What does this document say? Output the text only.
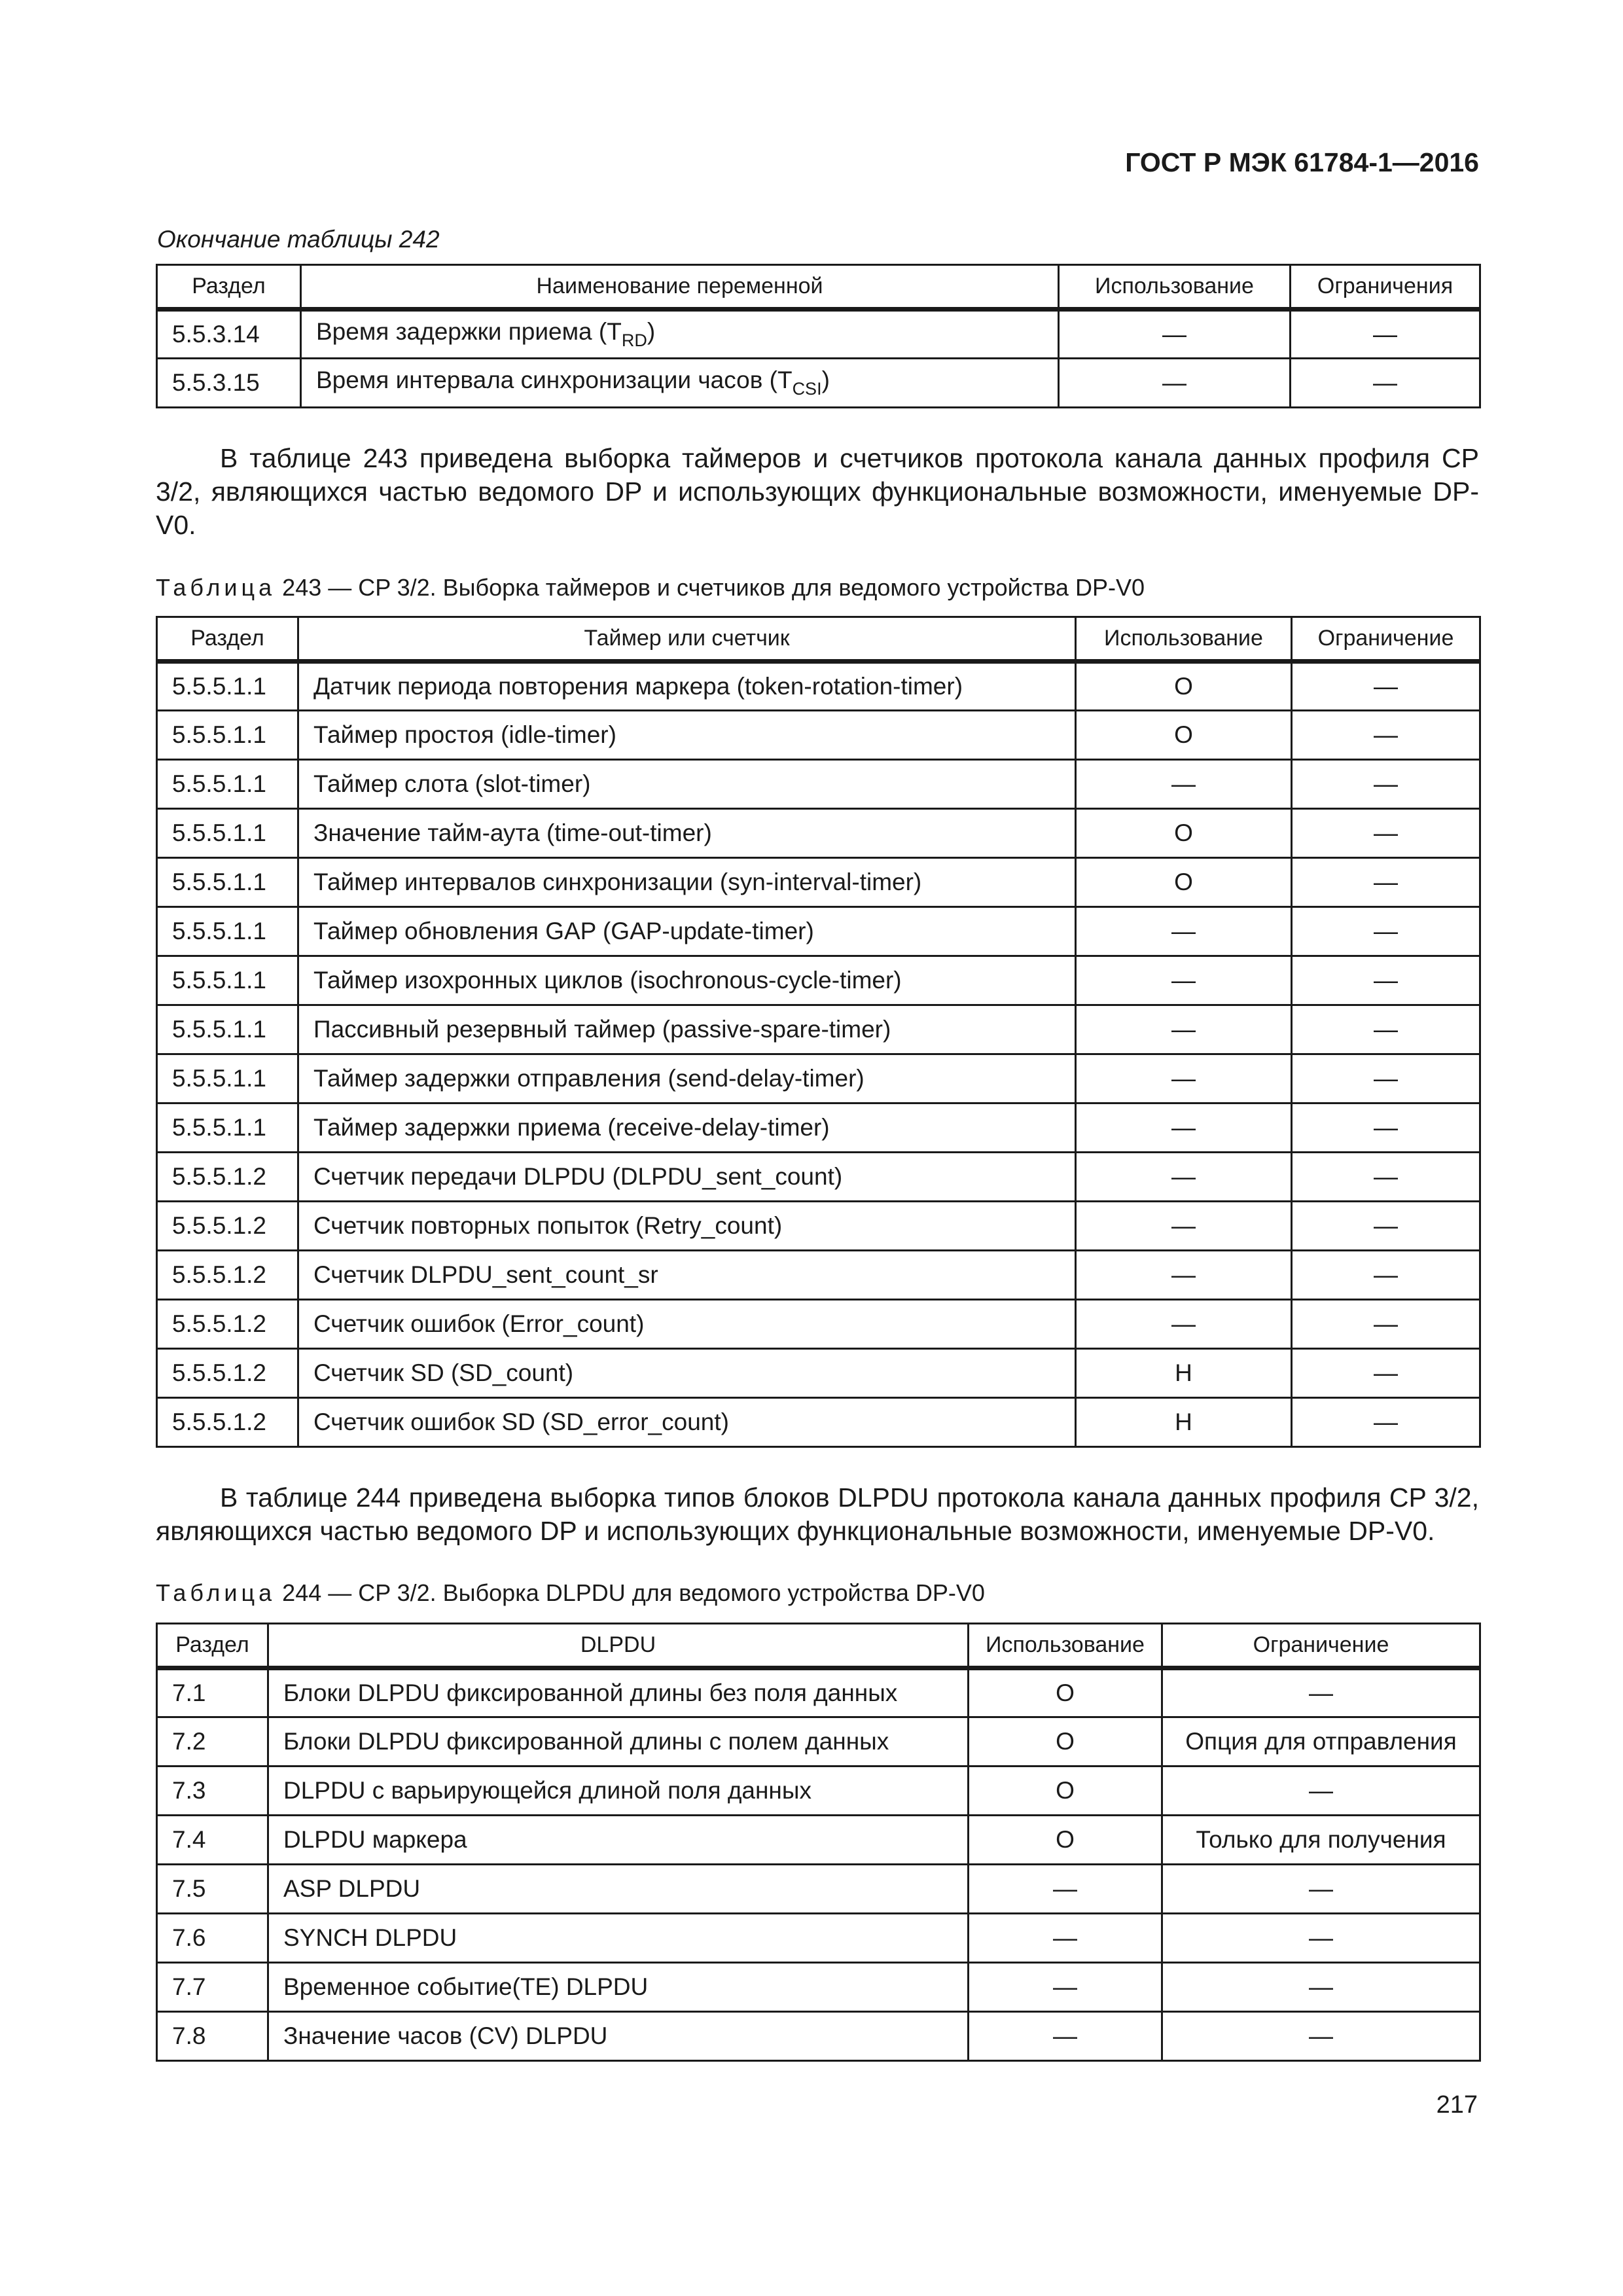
ГОСТ Р МЭК 61784-1—2016
Окончание таблицы 242
Раздел	Наименование переменной	Использование	Ограничения
5.5.3.14	Время задержки приема $(T_{RD})$	—	—
5.5.3.15	Время интервала синхронизации часов $(T_{CSI})$	—	—

В таблице 243 приведена выборка таймеров и счетчиков протокола канала данных профиля CP 3/2, являющихся частью ведомого DP и использующих функциональные возможности, именуемые DP-V0.

Таблица 243 — CP 3/2. Выборка таймеров и счетчиков для ведомого устройства DP-V0
Раздел	Таймер или счетчик	Использование	Ограничение
5.5.5.1.1	Датчик периода повторения маркера (token-rotation-timer)	O	—
5.5.5.1.1	Таймер простоя (idle-timer)	O	—
5.5.5.1.1	Таймер слота (slot-timer)	—	—
5.5.5.1.1	Значение тайм-аута (time-out-timer)	O	—
5.5.5.1.1	Таймер интервалов синхронизации (syn-interval-timer)	O	—
5.5.5.1.1	Таймер обновления GAP (GAP-update-timer)	—	—
5.5.5.1.1	Таймер изохронных циклов (isochronous-cycle-timer)	—	—
5.5.5.1.1	Пассивный резервный таймер (passive-spare-timer)	—	—
5.5.5.1.1	Таймер задержки отправления (send-delay-timer)	—	—
5.5.5.1.1	Таймер задержки приема (receive-delay-timer)	—	—
5.5.5.1.2	Счетчик передачи DLPDU (DLPDU_sent_count)	—	—
5.5.5.1.2	Счетчик повторных попыток (Retry_count)	—	—
5.5.5.1.2	Счетчик DLPDU_sent_count_sr	—	—
5.5.5.1.2	Счетчик ошибок (Error_count)	—	—
5.5.5.1.2	Счетчик SD (SD_count)	H	—
5.5.5.1.2	Счетчик ошибок SD (SD_error_count)	H	—

В таблице 244 приведена выборка типов блоков DLPDU протокола канала данных профиля CP 3/2, являющихся частью ведомого DP и использующих функциональные возможности, именуемые DP-V0.

Таблица 244 — CP 3/2. Выборка DLPDU для ведомого устройства DP-V0
Раздел	DLPDU	Использование	Ограничение
7.1	Блоки DLPDU фиксированной длины без поля данных	O	—
7.2	Блоки DLPDU фиксированной длины с полем данных	O	Опция для отправления
7.3	DLPDU с варьирующейся длиной поля данных	O	—
7.4	DLPDU маркера	O	Только для получения
7.5	ASP DLPDU	—	—
7.6	SYNCH DLPDU	—	—
7.7	Временное событие(TE) DLPDU	—	—
7.8	Значение часов (CV) DLPDU	—	—
217
